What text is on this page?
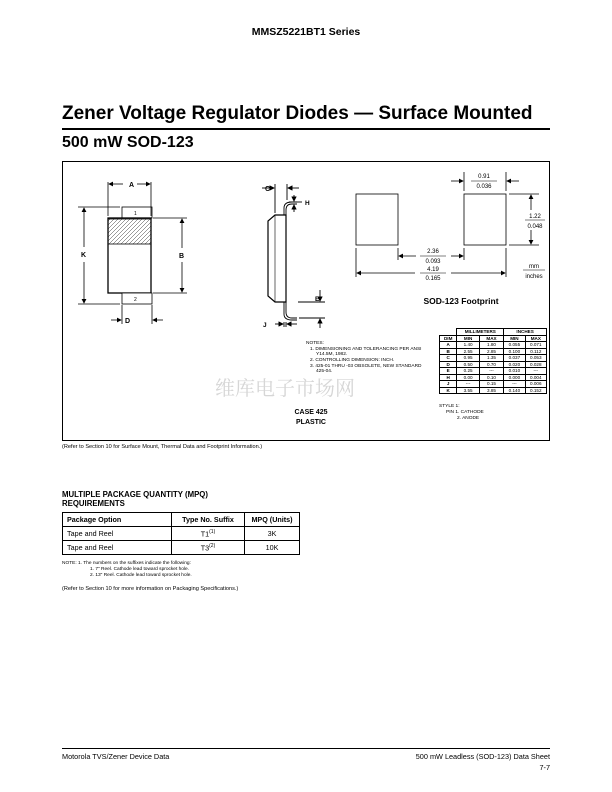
MMSZ5221BT1 Series
Zener Voltage Regulator Diodes — Surface Mounted
500 mW SOD-123
A
K	B
D
1
2
C
H
E
J
0.91
0.036
1.22
0.048
2.36
0.093
4.19
0.165
mm
inches
SOD-123 Footprint
NOTES:
1. DIMENSIONING AND TOLERANCING PER ANSI
Y14.5M, 1982.
2. CONTROLLING DIMENSION: INCH.
3. 425-01 THRU -03 OBSOLETE, NEW STANDARD
425-04.
维库电子市场网
CASE 425
PLASTIC
STYLE 1:
PIN 1. CATHODE
2. ANODE
	MILLIMETERS		INCHES	
DIM	MIN	MAX	MIN	MAX
A	1.40	1.80	0.055	0.071
B	2.55	2.85	0.100	0.112
C	0.95	1.35	0.037	0.053
D	0.50	0.70	0.020	0.028
E	0.25	---	0.010	---
H	0.00	0.10	0.000	0.004
J	---	0.15	---	0.006
K	3.55	3.85	0.140	0.152
(Refer to Section 10 for Surface Mount, Thermal Data and Footprint Information.)
MULTIPLE PACKAGE QUANTITY (MPQ)
REQUIREMENTS
Package Option	Type No. Suffix	MPQ (Units)
Tape and Reel	T1$^{(1)}$	3K
Tape and Reel	T3$^{(2)}$	10K
NOTE: 1. The numbers on the suffixes indicate the following:
1. 7" Reel. Cathode lead toward sprocket hole.
2. 13" Reel. Cathode lead toward sprocket hole.
(Refer to Section 10 for more information on Packaging Specifications.)
Motorola TVS/Zener Device Data	500 mW Leadless (SOD-123) Data Sheet
7-7
